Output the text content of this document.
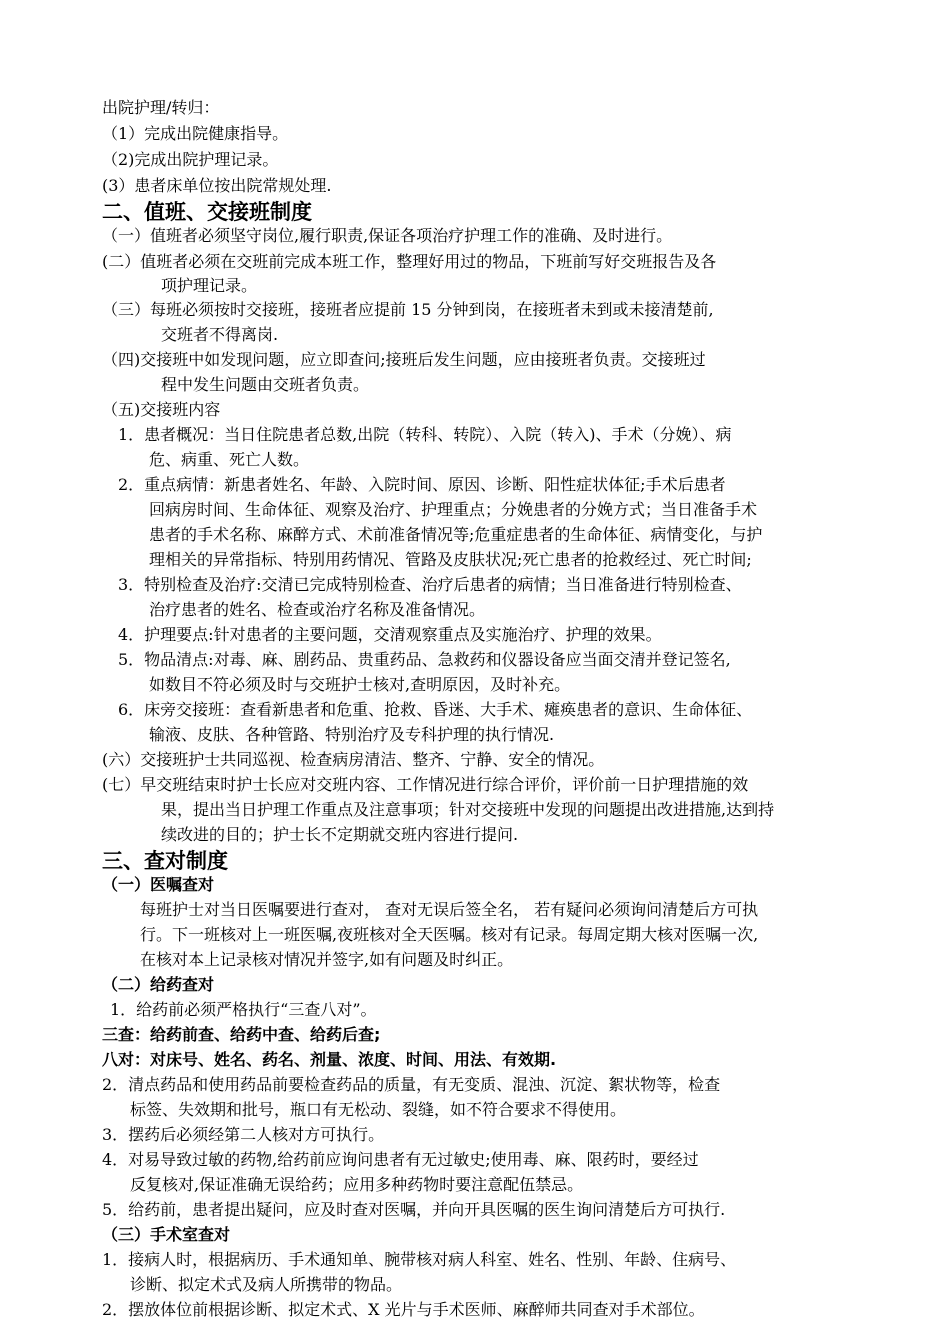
出院护理/转归：
（1）完成出院健康指导。
（2)完成出院护理记录。
(3）患者床单位按出院常规处理.
二、值班、交接班制度
（一）值班者必须坚守岗位,履行职责,保证各项治疗护理工作的准确、及时进行。
(二）值班者必须在交班前完成本班工作，整理好用过的物品，下班前写好交班报告及各
项护理记录。
（三）每班必须按时交接班，接班者应提前 15 分钟到岗，在接班者未到或未接清楚前,
交班者不得离岗.
（四)交接班中如发现问题，应立即查问;接班后发生问题，应由接班者负责。交接班过
程中发生问题由交班者负责。
（五)交接班内容
1．患者概况：当日住院患者总数,出院（转科、转院）、入院（转入)、手术（分娩）、病
危、病重、死亡人数。
2．重点病情：新患者姓名、年龄、入院时间、原因、诊断、阳性症状体征;手术后患者
回病房时间、生命体征、观察及治疗、护理重点；分娩患者的分娩方式；当日准备手术
患者的手术名称、麻醉方式、术前准备情况等;危重症患者的生命体征、病情变化，与护
理相关的异常指标、特别用药情况、管路及皮肤状况;死亡患者的抢救经过、死亡时间;
3．特别检查及治疗:交清已完成特别检查、治疗后患者的病情；当日准备进行特别检查、
治疗患者的姓名、检查或治疗名称及准备情况。
4．护理要点:针对患者的主要问题，交清观察重点及实施治疗、护理的效果。
5．物品清点:对毒、麻、剧药品、贵重药品、急救药和仪器设备应当面交清并登记签名,
如数目不符必须及时与交班护士核对,查明原因，及时补充。
6．床旁交接班：查看新患者和危重、抢救、昏迷、大手术、瘫痪患者的意识、生命体征、
输液、皮肤、各种管路、特别治疗及专科护理的执行情况.
(六）交接班护士共同巡视、检查病房清洁、整齐、宁静、安全的情况。
(七）早交班结束时护士长应对交班内容、工作情况进行综合评价，评价前一日护理措施的效
果，提出当日护理工作重点及注意事项；针对交接班中发现的问题提出改进措施,达到持
续改进的目的；护士长不定期就交班内容进行提问.
三、查对制度
（一）医嘱查对
每班护士对当日医嘱要进行查对， 查对无误后签全名， 若有疑问必须询问清楚后方可执
行。下一班核对上一班医嘱,夜班核对全天医嘱。核对有记录。每周定期大核对医嘱一次,
在核对本上记录核对情况并签字,如有问题及时纠正。
（二）给药查对
1．给药前必须严格执行“三查八对”。
三查：给药前查、给药中查、给药后查;
八对：对床号、姓名、药名、剂量、浓度、时间、用法、有效期.
2．清点药品和使用药品前要检查药品的质量，有无变质、混浊、沉淀、絮状物等，检查
标签、失效期和批号，瓶口有无松动、裂缝，如不符合要求不得使用。
3．摆药后必须经第二人核对方可执行。
4．对易导致过敏的药物,给药前应询问患者有无过敏史;使用毒、麻、限药时，要经过
反复核对,保证准确无误给药；应用多种药物时要注意配伍禁忌。
5．给药前，患者提出疑问，应及时查对医嘱，并向开具医嘱的医生询问清楚后方可执行.
（三）手术室查对
1．接病人时，根据病历、手术通知单、腕带核对病人科室、姓名、性别、年龄、住病号、
诊断、拟定术式及病人所携带的物品。
2．摆放体位前根据诊断、拟定术式、X 光片与手术医师、麻醉师共同查对手术部位。
